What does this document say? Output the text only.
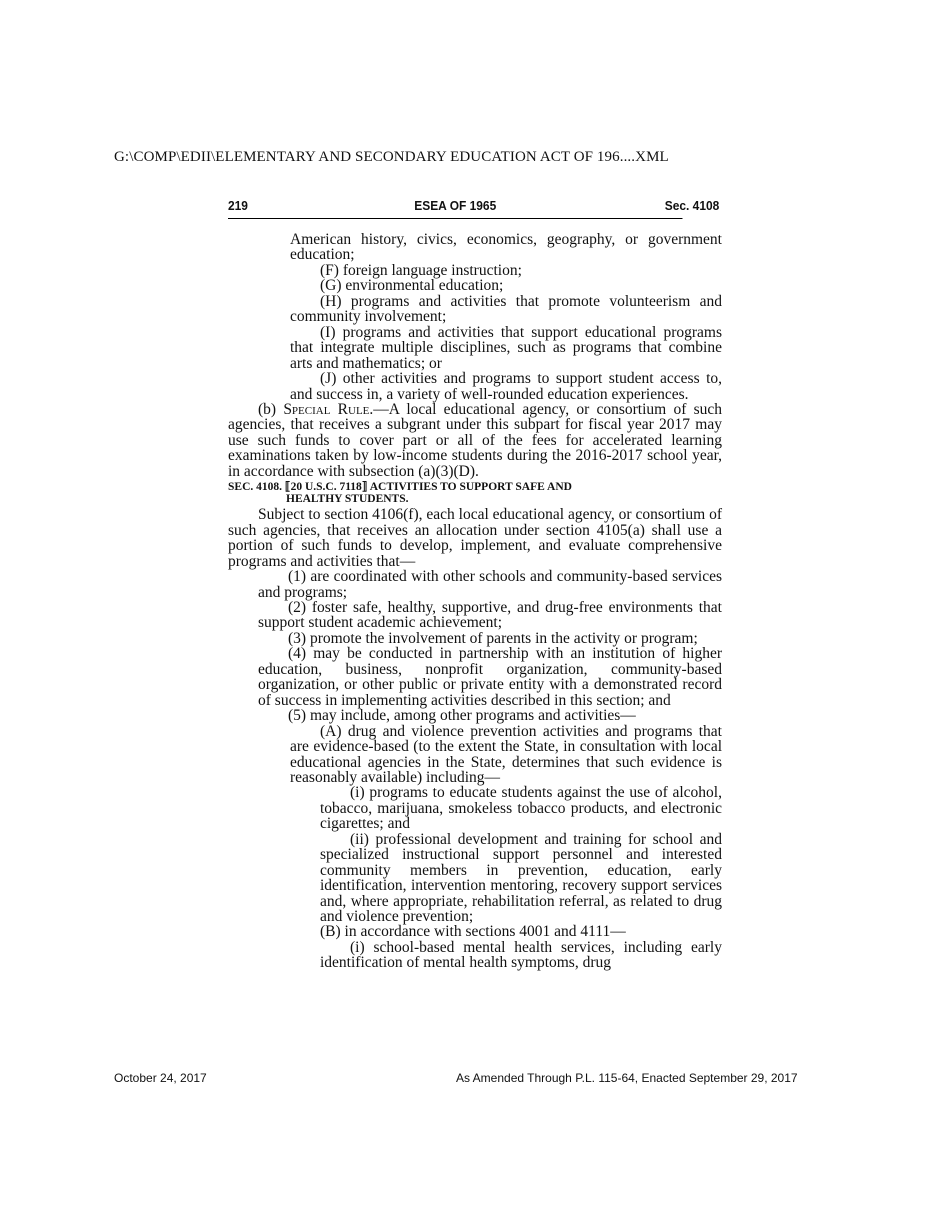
G:\COMP\EDII\ELEMENTARY AND SECONDARY EDUCATION ACT OF 196....XML
219	ESEA OF 1965	Sec. 4108

American history, civics, economics, geography, or government education;

(F) foreign language instruction;

(G) environmental education;

(H) programs and activities that promote volunteerism and community involvement;

(I) programs and activities that support educational programs that integrate multiple disciplines, such as programs that combine arts and mathematics; or

(J) other activities and programs to support student access to, and success in, a variety of well-rounded education experiences.

(b) Special Rule.—A local educational agency, or consortium of such agencies, that receives a subgrant under this subpart for fiscal year 2017 may use such funds to cover part or all of the fees for accelerated learning examinations taken by low-income students during the 2016-2017 school year, in accordance with subsection (a)(3)(D).

SEC. 4108. ⟦20 U.S.C. 7118⟧ ACTIVITIES TO SUPPORT SAFE AND
HEALTHY STUDENTS.

Subject to section 4106(f), each local educational agency, or consortium of such agencies, that receives an allocation under section 4105(a) shall use a portion of such funds to develop, implement, and evaluate comprehensive programs and activities that—

(1) are coordinated with other schools and community-based services and programs;

(2) foster safe, healthy, supportive, and drug-free environments that support student academic achievement;

(3) promote the involvement of parents in the activity or program;

(4) may be conducted in partnership with an institution of higher education, business, nonprofit organization, community-based organization, or other public or private entity with a demonstrated record of success in implementing activities described in this section; and

(5) may include, among other programs and activities—

(A) drug and violence prevention activities and programs that are evidence-based (to the extent the State, in consultation with local educational agencies in the State, determines that such evidence is reasonably available) including—

(i) programs to educate students against the use of alcohol, tobacco, marijuana, smokeless tobacco products, and electronic cigarettes; and

(ii) professional development and training for school and specialized instructional support personnel and interested community members in prevention, education, early identification, intervention mentoring, recovery support services and, where appropriate, rehabilitation referral, as related to drug and violence prevention;

(B) in accordance with sections 4001 and 4111—

(i) school-based mental health services, including early identification of mental health symptoms, drug

October 24, 2017	As Amended Through P.L. 115-64, Enacted September 29, 2017
